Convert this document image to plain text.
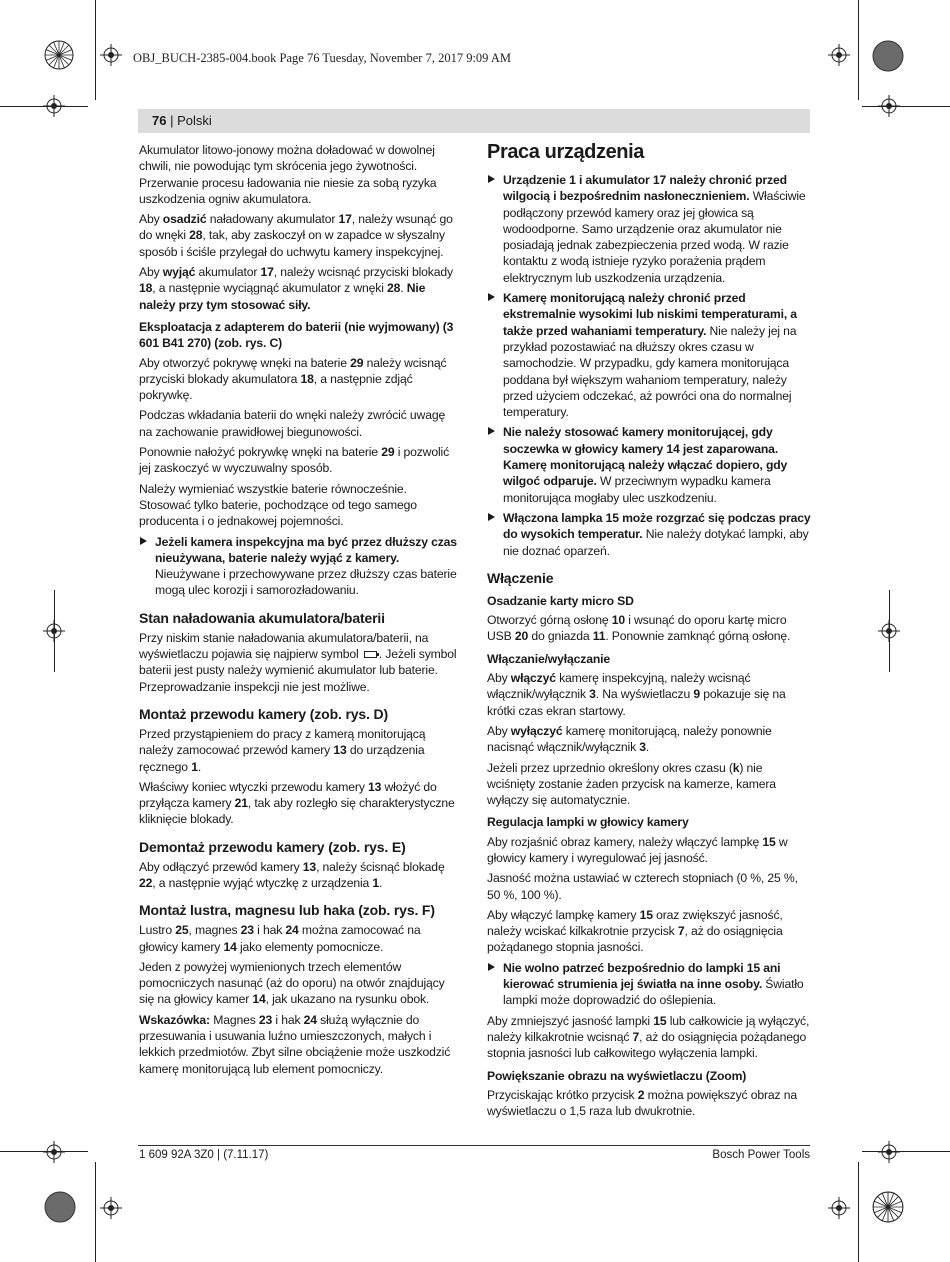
OBJ_BUCH-2385-004.book Page 76 Tuesday, November 7, 2017 9:09 AM
76 | Polski

Akumulator litowo-jonowy można doładować w dowolnej chwili, nie powodując tym skrócenia jego żywotności. Przerwanie procesu ładowania nie niesie za sobą ryzyka uszkodzenia ogniw akumulatora.

Aby osadzić naładowany akumulator 17, należy wsunąć go do wnęki 28, tak, aby zaskoczył on w zapadce w słyszalny sposób i ściśle przylegał do uchwytu kamery inspekcyjnej.

Aby wyjąć akumulator 17, należy wcisnąć przyciski blokady 18, a następnie wyciągnąć akumulator z wnęki 28. Nie należy przy tym stosować siły.

Eksploatacja z adapterem do baterii (nie wyjmowany) (3 601 B41 270) (zob. rys. C)

Aby otworzyć pokrywę wnęki na baterie 29 należy wcisnąć przyciski blokady akumulatora 18, a następnie zdjąć pokrywkę.

Podczas wkładania baterii do wnęki należy zwrócić uwagę na zachowanie prawidłowej biegunowości.

Ponownie nałożyć pokrywkę wnęki na baterie 29 i pozwolić jej zaskoczyć w wyczuwalny sposób.

Należy wymieniać wszystkie baterie równocześnie. Stosować tylko baterie, pochodzące od tego samego producenta i o jednakowej pojemności.

Jeżeli kamera inspekcyjna ma być przez dłuższy czas nieużywana, baterie należy wyjąć z kamery. Nieużywane i przechowywane przez dłuższy czas baterie mogą ulec korozji i samorozładowaniu.

Stan naładowania akumulatora/baterii

Przy niskim stanie naładowania akumulatora/baterii, na wyświetlaczu pojawia się najpierw symbol . Jeżeli symbol baterii jest pusty należy wymienić akumulator lub baterie. Przeprowadzanie inspekcji nie jest możliwe.

Montaż przewodu kamery (zob. rys. D)

Przed przystąpieniem do pracy z kamerą monitorującą należy zamocować przewód kamery 13 do urządzenia ręcznego 1.

Właściwy koniec wtyczki przewodu kamery 13 włożyć do przyłącza kamery 21, tak aby rozległo się charakterystyczne kliknięcie blokady.

Demontaż przewodu kamery (zob. rys. E)

Aby odłączyć przewód kamery 13, należy ścisnąć blokadę 22, a następnie wyjąć wtyczkę z urządzenia 1.

Montaż lustra, magnesu lub haka (zob. rys. F)

Lustro 25, magnes 23 i hak 24 można zamocować na głowicy kamery 14 jako elementy pomocnicze.

Jeden z powyżej wymienionych trzech elementów pomocniczych nasunąć (aż do oporu) na otwór znajdujący się na głowicy kamer 14, jak ukazano na rysunku obok.

Wskazówka: Magnes 23 i hak 24 służą wyłącznie do przesuwania i usuwania luźno umieszczonych, małych i lekkich przedmiotów. Zbyt silne obciążenie może uszkodzić kamerę monitorującą lub element pomocniczy.

Praca urządzenia

Urządzenie 1 i akumulator 17 należy chronić przed wilgocią i bezpośrednim nasłonecznieniem. Właściwie podłączony przewód kamery oraz jej głowica są wodoodporne. Samo urządzenie oraz akumulator nie posiadają jednak zabezpieczenia przed wodą. W razie kontaktu z wodą istnieje ryzyko porażenia prądem elektrycznym lub uszkodzenia urządzenia.
Kamerę monitorującą należy chronić przed ekstremalnie wysokimi lub niskimi temperaturami, a także przed wahaniami temperatury. Nie należy jej na przykład pozostawiać na dłuższy okres czasu w samochodzie. W przypadku, gdy kamera monitorująca poddana był większym wahaniom temperatury, należy przed użyciem odczekać, aż powróci ona do normalnej temperatury.
Nie należy stosować kamery monitorującej, gdy soczewka w głowicy kamery 14 jest zaparowana. Kamerę monitorującą należy włączać dopiero, gdy wilgoć odparuje. W przeciwnym wypadku kamera monitorująca mogłaby ulec uszkodzeniu.
Włączona lampka 15 może rozgrzać się podczas pracy do wysokich temperatur. Nie należy dotykać lampki, aby nie doznać oparzeń.

Włączenie

Osadzanie karty micro SD

Otworzyć górną osłonę 10 i wsunąć do oporu kartę micro USB 20 do gniazda 11. Ponownie zamknąć górną osłonę.

Włączanie/wyłączanie

Aby włączyć kamerę inspekcyjną, należy wcisnąć włącznik/wyłącznik 3. Na wyświetlaczu 9 pokazuje się na krótki czas ekran startowy.

Aby wyłączyć kamerę monitorującą, należy ponownie nacisnąć włącznik/wyłącznik 3.

Jeżeli przez uprzednio określony okres czasu (k) nie wciśnięty zostanie żaden przycisk na kamerze, kamera wyłączy się automatycznie.

Regulacja lampki w głowicy kamery

Aby rozjaśnić obraz kamery, należy włączyć lampkę 15 w głowicy kamery i wyregulować jej jasność.

Jasność można ustawiać w czterech stopniach (0 %, 25 %, 50 %, 100 %).

Aby włączyć lampkę kamery 15 oraz zwiększyć jasność, należy wciskać kilkakrotnie przycisk 7, aż do osiągnięcia pożądanego stopnia jasności.

Nie wolno patrzeć bezpośrednio do lampki 15 ani kierować strumienia jej światła na inne osoby. Światło lampki może doprowadzić do oślepienia.

Aby zmniejszyć jasność lampki 15 lub całkowicie ją wyłączyć, należy kilkakrotnie wcisnąć 7, aż do osiągnięcia pożądanego stopnia jasności lub całkowitego wyłączenia lampki.

Powiększanie obrazu na wyświetlaczu (Zoom)

Przyciskając krótko przycisk 2 można powiększyć obraz na wyświetlaczu o 1,5 raza lub dwukrotnie.

1 609 92A 3Z0 | (7.11.17)	Bosch Power Tools
